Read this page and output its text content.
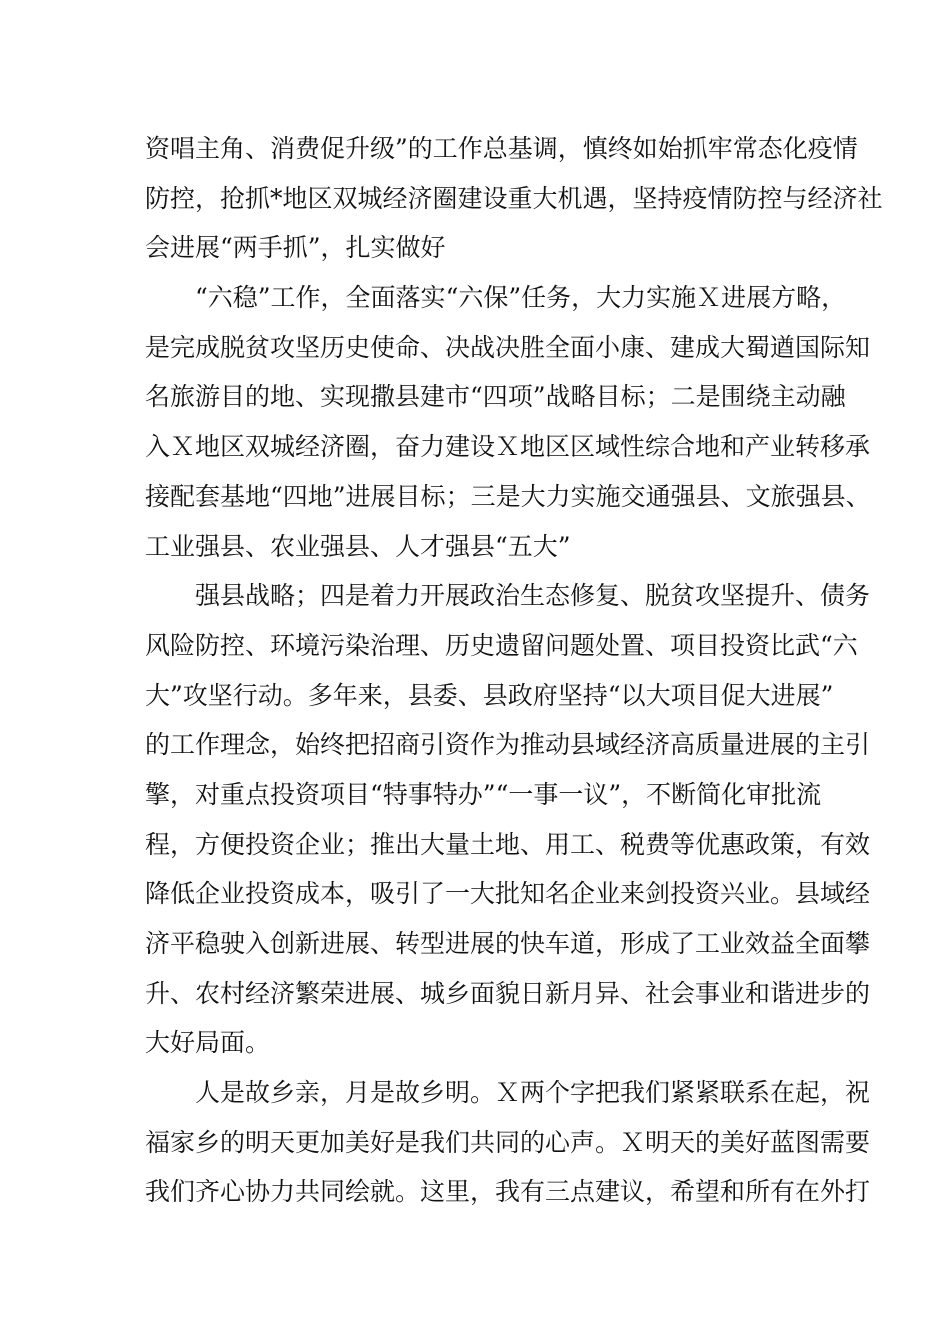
资唱主角、消费促升级”的工作总基调，慎终如始抓牢常态化疫情
防控，抢抓*地区双城经济圈建设重大机遇，坚持疫情防控与经济社
会进展“两手抓”，扎实做好
　　“六稳”工作，全面落实“六保”任务，大力实施Ｘ进展方略，
是完成脱贫攻坚历史使命、决战决胜全面小康、建成大蜀遒国际知
名旅游目的地、实现撒县建市“四项”战略目标；二是围绕主动融
入Ｘ地区双城经济圈，奋力建设Ｘ地区区域性综合地和产业转移承
接配套基地“四地”进展目标；三是大力实施交通强县、文旅强县、
工业强县、农业强县、人才强县“五大”
　　强县战略；四是着力开展政治生态修复、脱贫攻坚提升、债务
风险防控、环境污染治理、历史遗留问题处置、项目投资比武“六
大”攻坚行动。多年来，县委、县政府坚持“以大项目促大进展”
的工作理念，始终把招商引资作为推动县域经济高质量进展的主引
擎，对重点投资项目“特事特办”“一事一议”，不断简化审批流
程，方便投资企业；推出大量土地、用工、税费等优惠政策，有效
降低企业投资成本，吸引了一大批知名企业来剑投资兴业。县域经
济平稳驶入创新进展、转型进展的快车道，形成了工业效益全面攀
升、农村经济繁荣进展、城乡面貌日新月异、社会事业和谐进步的
大好局面。
　　人是故乡亲，月是故乡明。Ｘ两个字把我们紧紧联系在起，祝
福家乡的明天更加美好是我们共同的心声。Ｘ明天的美好蓝图需要
我们齐心协力共同绘就。这里，我有三点建议，希望和所有在外打
